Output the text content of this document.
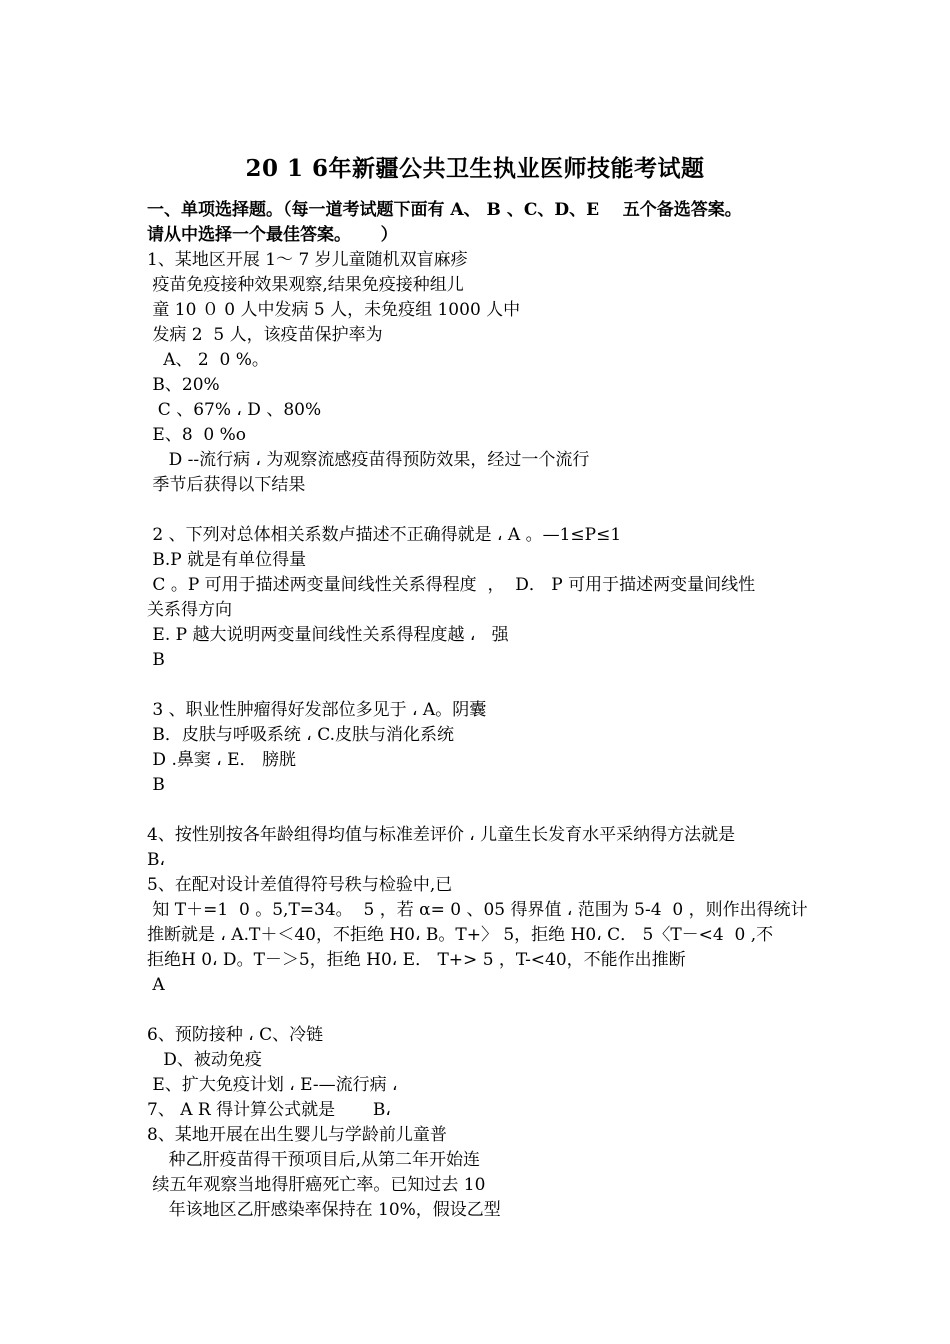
20 1 6年新疆公共卫生执业医师技能考试题
一、单项选择题。（每一道考试题下面有 A、 B 、C、D、E    五个备选答案。
请从中选择一个最佳答案。     ）
1、某地区开展 1～ 7 岁儿童随机双盲麻疹
疫苗免疫接种效果观察,结果免疫接种组儿
童 10 ０ 0 人中发病 5 人，未免疫组 1000 人中
发病 2  5 人，该疫苗保护率为
A、 2  0 %。
B、20%
C 、67% ، D 、80%
E、8  0 %o
D --流行病 ، 为观察流感疫苗得预防效果，经过一个流行
季节后获得以下结果
2 、下列对总体相关系数卢描述不正确得就是 ، A 。—1≤P≤1
B.P 就是有单位得量
C 。P 可用于描述两变量间线性关系得程度  ，  D． P 可用于描述两变量间线性
关系得方向
E. P 越大说明两变量间线性关系得程度越 ،   强
B
3 、职业性肿瘤得好发部位多见于 ، A。阴囊
B．皮肤与呼吸系统 ، C.皮肤与消化系统
D .鼻窦 ، E． 膀胱
B
4、按性别按各年龄组得均值与标准差评价 ، 儿童生长发育水平采纳得方法就是
B،
5、在配对设计差值得符号秩与检验中,已
知 T＋=1  0 。5,T=34。  5 ，若 α= 0 、05 得界值 ، 范围为 5-4  0 ，则作出得统计
推断就是 ، A.T＋＜40，不拒绝 H0، B。T+〉 5，拒绝 H0، C． 5〈T－<4  0 ,不
拒绝H 0، D。T－＞5，拒绝 H0، E． T+> 5 ，T-<40，不能作出推断
A
6、预防接种 ، C、冷链
D、被动免疫
E、扩大免疫计划 ، E-—流行病 ،
7、 A R 得计算公式就是       B،
8、某地开展在出生婴儿与学龄前儿童普
种乙肝疫苗得干预项目后,从第二年开始连
续五年观察当地得肝癌死亡率。已知过去 10
年该地区乙肝感染率保持在 10%，假设乙型
